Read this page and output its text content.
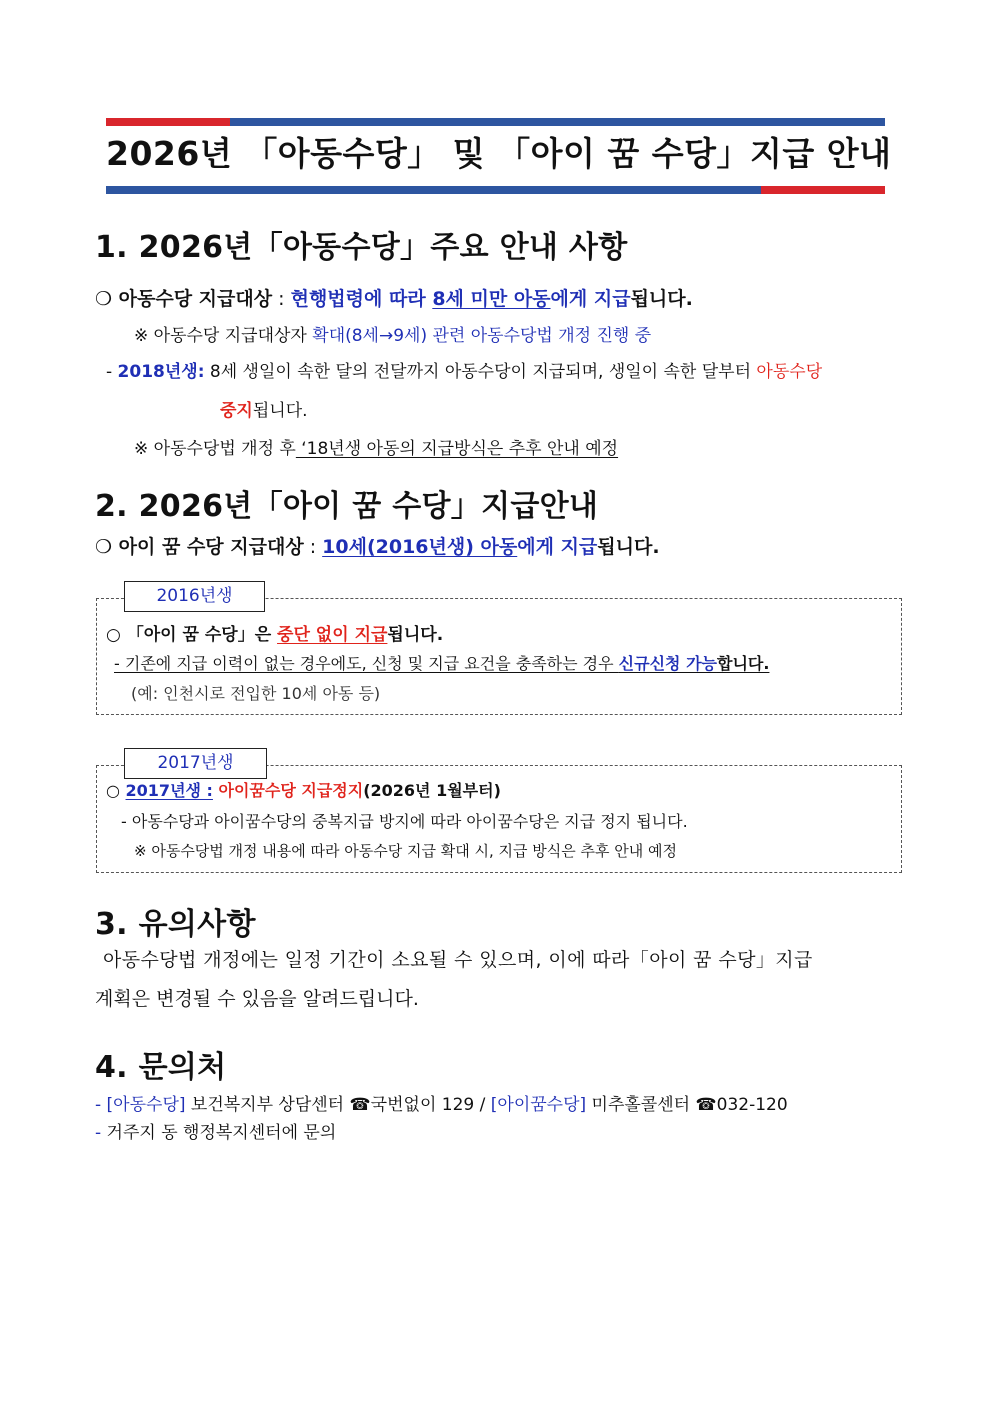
2026년 「아동수당」 및 「아이 꿈 수당」지급 안내
1. 2026년「아동수당」주요 안내 사항
❍ 아동수당 지급대상 : 현행법령에 따라 8세 미만 아동에게 지급됩니다.
※ 아동수당 지급대상자 확대(8세→9세) 관련 아동수당법 개정 진행 중
- 2018년생: 8세 생일이 속한 달의 전달까지 아동수당이 지급되며, 생일이 속한 달부터 아동수당
중지됩니다.
※ 아동수당법 개정 후 ‘18년생 아동의 지급방식은 추후 안내 예정
2. 2026년「아이 꿈 수당」지급안내
❍ 아이 꿈 수당 지급대상 : 10세(2016년생) 아동에게 지급됩니다.
2016년생
○ 「아이 꿈 수당」은 중단 없이 지급됩니다.
- 기존에 지급 이력이 없는 경우에도, 신청 및 지급 요건을 충족하는 경우 신규신청 가능합니다.
(예: 인천시로 전입한 10세 아동 등)
2017년생
○ 2017년생 : 아이꿈수당 지급정지(2026년 1월부터)
- 아동수당과 아이꿈수당의 중복지급 방지에 따라 아이꿈수당은 지급 정지 됩니다.
※ 아동수당법 개정 내용에 따라 아동수당 지급 확대 시, 지급 방식은 추후 안내 예정
3. 유의사항
아동수당법 개정에는 일정 기간이 소요될 수 있으며, 이에 따라「아이 꿈 수당」지급
계획은 변경될 수 있음을 알려드립니다.
4. 문의처
- [아동수당] 보건복지부 상담센터 ☎국번없이 129 / [아이꿈수당] 미추홀콜센터 ☎032-120
- 거주지 동 행정복지센터에 문의
